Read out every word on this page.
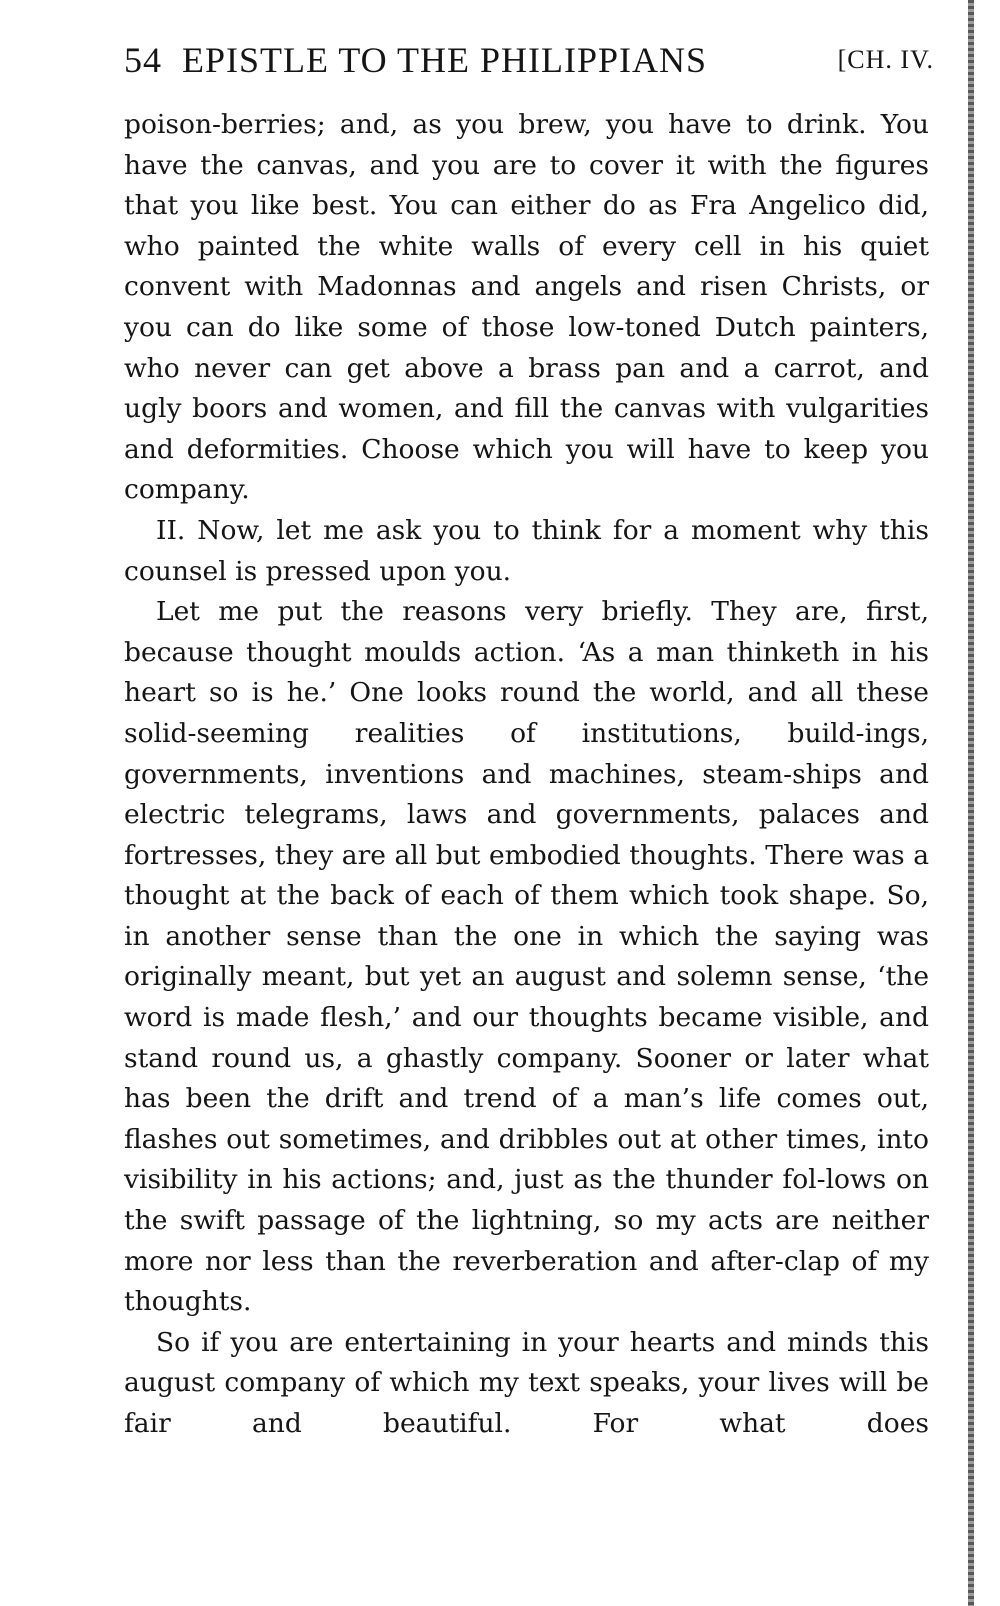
54 EPISTLE TO THE PHILIPPIANS	[CH. IV.

poison-berries; and, as you brew, you have to drink. You have the canvas, and you are to cover it with the figures that you like best. You can either do as Fra Angelico did, who painted the white walls of every cell in his quiet convent with Madonnas and angels and risen Christs, or you can do like some of those low-toned Dutch painters, who never can get above a brass pan and a carrot, and ugly boors and women, and fill the canvas with vulgarities and deformities. Choose which you will have to keep you company.

II. Now, let me ask you to think for a moment why this counsel is pressed upon you.

Let me put the reasons very briefly. They are, first, because thought moulds action. ‘As a man thinketh in his heart so is he.’ One looks round the world, and all these solid-seeming realities of institutions, build-ings, governments, inventions and machines, steam-ships and electric telegrams, laws and governments, palaces and fortresses, they are all but embodied thoughts. There was a thought at the back of each of them which took shape. So, in another sense than the one in which the saying was originally meant, but yet an august and solemn sense, ‘the word is made flesh,’ and our thoughts became visible, and stand round us, a ghastly company. Sooner or later what has been the drift and trend of a man’s life comes out, flashes out sometimes, and dribbles out at other times, into visibility in his actions; and, just as the thunder fol-lows on the swift passage of the lightning, so my acts are neither more nor less than the reverberation and after-clap of my thoughts.

So if you are entertaining in your hearts and minds this august company of which my text speaks, your lives will be fair and beautiful. For what does
